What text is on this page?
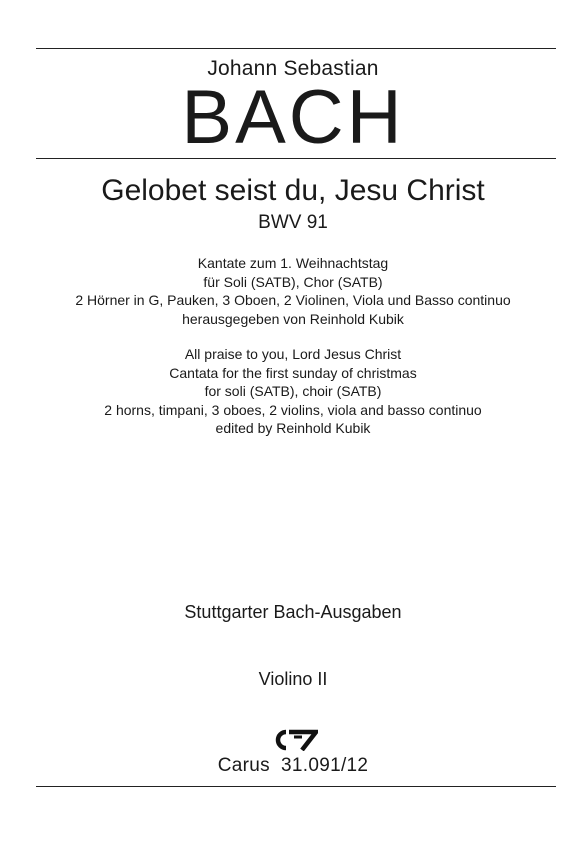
Johann Sebastian
BACH
Gelobet seist du, Jesu Christ
BWV 91
Kantate zum 1. Weihnachtstag
für Soli (SATB), Chor (SATB)
2 Hörner in G, Pauken, 3 Oboen, 2 Violinen, Viola und Basso continuo
herausgegeben von Reinhold Kubik
All praise to you, Lord Jesus Christ
Cantata for the first sunday of christmas
for soli (SATB), choir (SATB)
2 horns, timpani, 3 oboes, 2 violins, viola and basso continuo
edited by Reinhold Kubik
Stuttgarter Bach-Ausgaben
Violino II
Carus  31.091/12
